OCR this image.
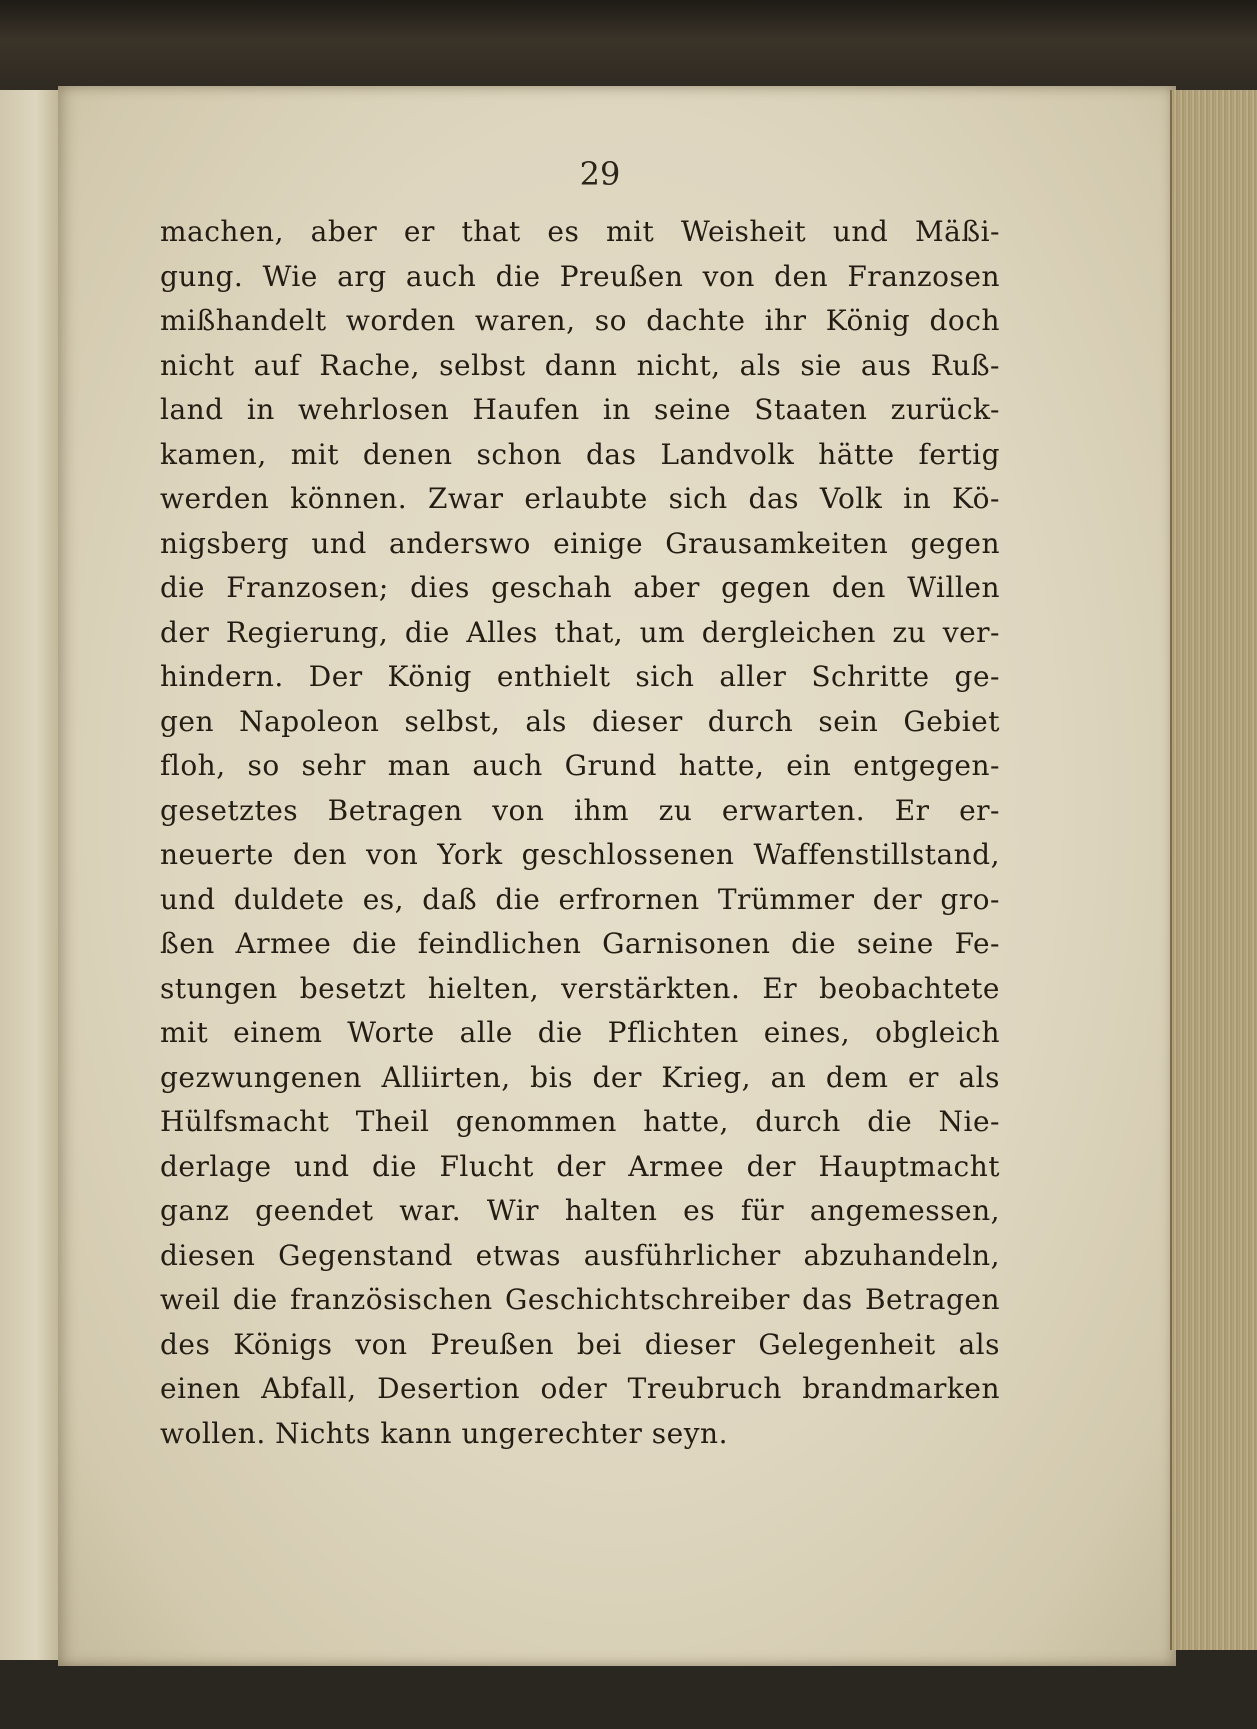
29
machen, aber er that es mit Weisheit und Mäßi-
gung. Wie arg auch die Preußen von den Franzosen
mißhandelt worden waren, so dachte ihr König doch
nicht auf Rache, selbst dann nicht, als sie aus Ruß-
land in wehrlosen Haufen in seine Staaten zurück-
kamen, mit denen schon das Landvolk hätte fertig
werden können. Zwar erlaubte sich das Volk in Kö-
nigsberg und anderswo einige Grausamkeiten gegen
die Franzosen; dies geschah aber gegen den Willen
der Regierung, die Alles that, um dergleichen zu ver-
hindern. Der König enthielt sich aller Schritte ge-
gen Napoleon selbst, als dieser durch sein Gebiet
floh, so sehr man auch Grund hatte, ein entgegen-
gesetztes Betragen von ihm zu erwarten. Er er-
neuerte den von York geschlossenen Waffenstillstand,
und duldete es, daß die erfrornen Trümmer der gro-
ßen Armee die feindlichen Garnisonen die seine Fe-
stungen besetzt hielten, verstärkten. Er beobachtete
mit einem Worte alle die Pflichten eines, obgleich
gezwungenen Alliirten, bis der Krieg, an dem er als
Hülfsmacht Theil genommen hatte, durch die Nie-
derlage und die Flucht der Armee der Hauptmacht
ganz geendet war. Wir halten es für angemessen,
diesen Gegenstand etwas ausführlicher abzuhandeln,
weil die französischen Geschichtschreiber das Betragen
des Königs von Preußen bei dieser Gelegenheit als
einen Abfall, Desertion oder Treubruch brandmarken
wollen. Nichts kann ungerechter seyn.
